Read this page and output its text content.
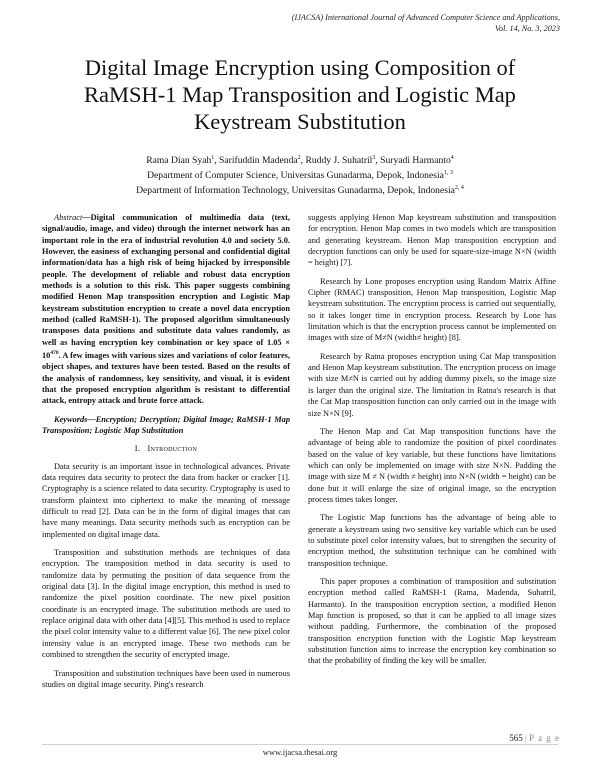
(IJACSA) International Journal of Advanced Computer Science and Applications,
Vol. 14, No. 3, 2023
Digital Image Encryption using Composition of RaMSH-1 Map Transposition and Logistic Map Keystream Substitution
Rama Dian Syah$^1$, Sarifuddin Madenda$^2$, Ruddy J. Suhatril$^3$, Suryadi Harmanto$^4$
Department of Computer Science, Universitas Gunadarma, Depok, Indonesia$^{1, 3}$
Department of Information Technology, Universitas Gunadarma, Depok, Indonesia$^{2, 4}$

Abstract—Digital communication of multimedia data (text, signal/audio, image, and video) through the internet network has an important role in the era of industrial revolution 4.0 and society 5.0. However, the easiness of exchanging personal and confidential digital information/data has a high risk of being hijacked by irresponsible people. The development of reliable and robust data encryption methods is a solution to this risk. This paper suggests combining modified Henon Map transposition encryption and Logistic Map keystream substitution encryption to create a novel data encryption method (called RaMSH-1). The proposed algorithm simultaneously transposes data positions and substitute data values randomly, as well as having encryption key combination or key space of $1.05 \times 10^{470}$. A few images with various sizes and variations of color features, object shapes, and textures have been tested. Based on the results of the analysis of randomness, key sensitivity, and visual, it is evident that the proposed encryption algorithm is resistant to differential attack, entropy attack and brute force attack.

Keywords—Encryption; Decryption; Digital Image; RaMSH-1 Map Transposition; Logistic Map Substitution

I. Introduction

Data security is an important issue in technological advances. Private data requires data security to protect the data from hacker or cracker [1]. Cryptography is a science related to data security. Cryptography is used to transform plaintext into ciphertext to make the meaning of message difficult to read [2]. Data can be in the form of digital images that can have many meanings. Data security methods such as encryption can be implemented on digital image data.

Transposition and substitution methods are techniques of data encryption. The transposition method in data security is used to randomize data by permuting the position of data sequence from the original data [3]. In the digital image encryption, this method is used to randomize the pixel position coordinate. The new pixel position coordinate is an encrypted image. The substitution methods are used to replace original data with other data [4][5]. This method is used to replace the pixel color intensity value to a different value [6]. The new pixel color intensity value is an encrypted image. These two methods can be combined to strengthen the security of encrypted image.

Transposition and substitution techniques have been used in numerous studies on digital image security. Ping's research

suggests applying Henon Map keystream substitution and transposition for encryption. Henon Map comes in two models which are transposition and generating keystream. Henon Map transposition encryption and decryption functions can only be used for square-size-image N×N (width = height) [7].

Research by Lone proposes encryption using Random Matrix Affine Cipher (RMAC) transposition, Henon Map transposition, Logistic Map keystream substitution. The encryption process is carried out sequentially, so it takes longer time in encryption process. Research by Lone has limitation which is that the encryption process cannot be implemented on images with size of M≠N (width≠ height) [8].

Research by Ratna proposes encryption using Cat Map transposition and Henon Map keystream substitution. The encryption process on image with size M≠N is carried out by adding dummy pixels, so the image size is larger than the original size. The limitation in Ratna's research is that the Cat Map transposition function can only carried out in the image with size N×N [9].

The Henon Map and Cat Map transposition functions have the advantage of being able to randomize the position of pixel coordinates based on the value of key variable, but these functions have limitations which can only be implemented on image with size N×N. Padding the image with size M ≠ N (width ≠ height) into N×N (width = height) can be done but it will enlarge the size of original image, so the encryption process times takes longer.

The Logistic Map functions has the advantage of being able to generate a keystream using two sensitive key variable which can be used to substitute pixel color intensity values, but to strengthen the security of encryption method, the substitution technique can be combined with transposition technique.

This paper proposes a combination of transposition and substitution encryption method called RaMSH-1 (Rama, Madenda, Suhatril, Harmanto). In the transposition encryption section, a modified Henon Map function is proposed, so that it can be applied to all image sizes without padding. Furthermore, the combination of the proposed transposition encryption function with the Logistic Map keystream substitution function aims to increase the encryption key combination so that the probability of finding the key will be smaller.

565 | P a g e
www.ijacsa.thesai.org
